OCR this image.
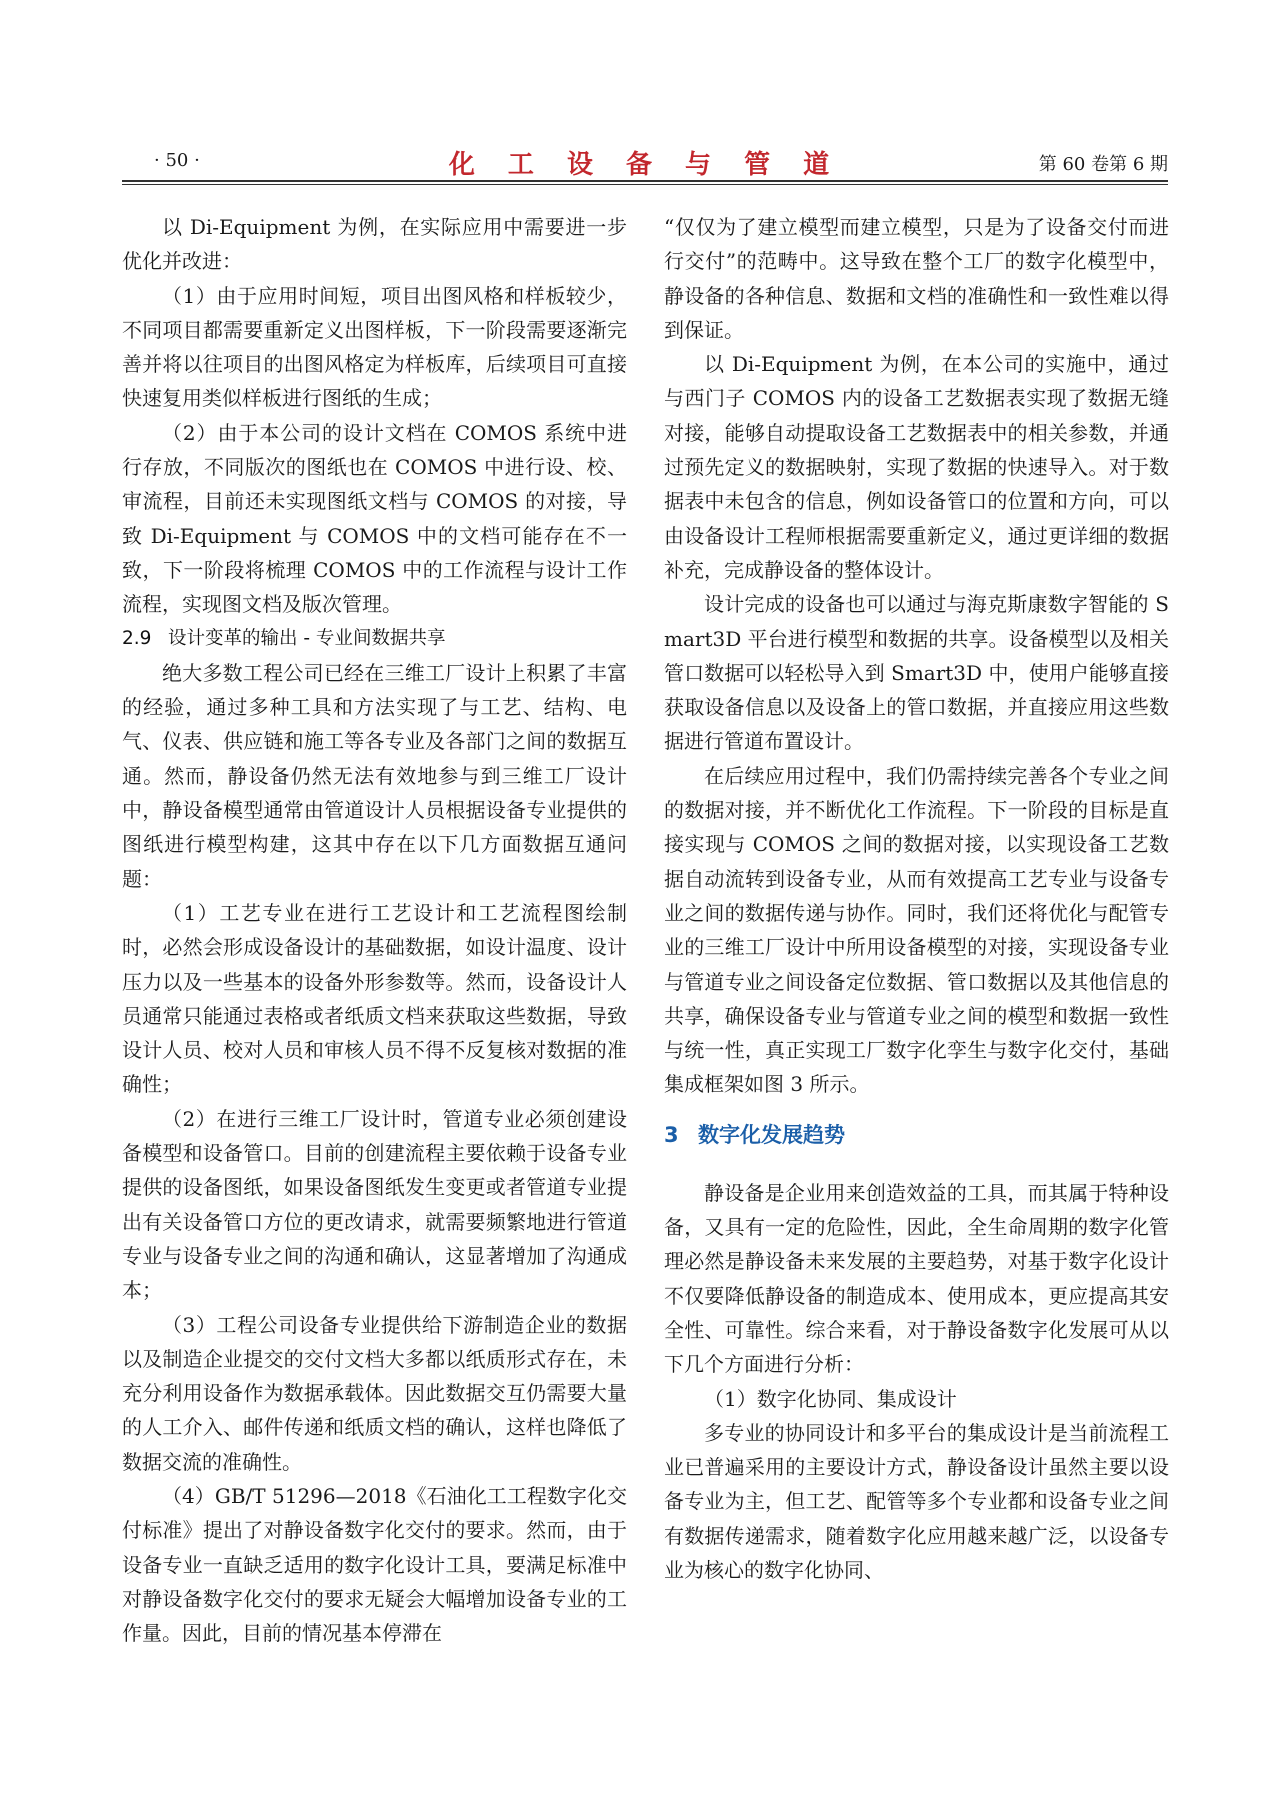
· 50 ·	化 工 设 备 与 管 道	第 60 卷第 6 期

以 Di-Equipment 为例，在实际应用中需要进一步优化并改进：

（1）由于应用时间短，项目出图风格和样板较少，不同项目都需要重新定义出图样板，下一阶段需要逐渐完善并将以往项目的出图风格定为样板库，后续项目可直接快速复用类似样板进行图纸的生成；

（2）由于本公司的设计文档在 COMOS 系统中进行存放，不同版次的图纸也在 COMOS 中进行设、校、审流程，目前还未实现图纸文档与 COMOS 的对接，导致 Di-Equipment 与 COMOS 中的文档可能存在不一致，下一阶段将梳理 COMOS 中的工作流程与设计工作流程，实现图文档及版次管理。

2.9 设计变革的输出 - 专业间数据共享

绝大多数工程公司已经在三维工厂设计上积累了丰富的经验，通过多种工具和方法实现了与工艺、结构、电气、仪表、供应链和施工等各专业及各部门之间的数据互通。然而，静设备仍然无法有效地参与到三维工厂设计中，静设备模型通常由管道设计人员根据设备专业提供的图纸进行模型构建，这其中存在以下几方面数据互通问题：

（1）工艺专业在进行工艺设计和工艺流程图绘制时，必然会形成设备设计的基础数据，如设计温度、设计压力以及一些基本的设备外形参数等。然而，设备设计人员通常只能通过表格或者纸质文档来获取这些数据，导致设计人员、校对人员和审核人员不得不反复核对数据的准确性；

（2）在进行三维工厂设计时，管道专业必须创建设备模型和设备管口。目前的创建流程主要依赖于设备专业提供的设备图纸，如果设备图纸发生变更或者管道专业提出有关设备管口方位的更改请求，就需要频繁地进行管道专业与设备专业之间的沟通和确认，这显著增加了沟通成本；

（3）工程公司设备专业提供给下游制造企业的数据以及制造企业提交的交付文档大多都以纸质形式存在，未充分利用设备作为数据承载体。因此数据交互仍需要大量的人工介入、邮件传递和纸质文档的确认，这样也降低了数据交流的准确性。

（4）GB/T 51296—2018《石油化工工程数字化交付标准》提出了对静设备数字化交付的要求。然而，由于设备专业一直缺乏适用的数字化设计工具，要满足标准中对静设备数字化交付的要求无疑会大幅增加设备专业的工作量。因此，目前的情况基本停滞在

“仅仅为了建立模型而建立模型，只是为了设备交付而进行交付”的范畴中。这导致在整个工厂的数字化模型中，静设备的各种信息、数据和文档的准确性和一致性难以得到保证。

以 Di-Equipment 为例，在本公司的实施中，通过与西门子 COMOS 内的设备工艺数据表实现了数据无缝对接，能够自动提取设备工艺数据表中的相关参数，并通过预先定义的数据映射，实现了数据的快速导入。对于数据表中未包含的信息，例如设备管口的位置和方向，可以由设备设计工程师根据需要重新定义，通过更详细的数据补充，完成静设备的整体设计。

设计完成的设备也可以通过与海克斯康数字智能的 Smart3D 平台进行模型和数据的共享。设备模型以及相关管口数据可以轻松导入到 Smart3D 中，使用户能够直接获取设备信息以及设备上的管口数据，并直接应用这些数据进行管道布置设计。

在后续应用过程中，我们仍需持续完善各个专业之间的数据对接，并不断优化工作流程。下一阶段的目标是直接实现与 COMOS 之间的数据对接，以实现设备工艺数据自动流转到设备专业，从而有效提高工艺专业与设备专业之间的数据传递与协作。同时，我们还将优化与配管专业的三维工厂设计中所用设备模型的对接，实现设备专业与管道专业之间设备定位数据、管口数据以及其他信息的共享，确保设备专业与管道专业之间的模型和数据一致性与统一性，真正实现工厂数字化孪生与数字化交付，基础集成框架如图 3 所示。

3 数字化发展趋势

静设备是企业用来创造效益的工具，而其属于特种设备，又具有一定的危险性，因此，全生命周期的数字化管理必然是静设备未来发展的主要趋势，对基于数字化设计不仅要降低静设备的制造成本、使用成本，更应提高其安全性、可靠性。综合来看，对于静设备数字化发展可从以下几个方面进行分析：

（1）数字化协同、集成设计

多专业的协同设计和多平台的集成设计是当前流程工业已普遍采用的主要设计方式，静设备设计虽然主要以设备专业为主，但工艺、配管等多个专业都和设备专业之间有数据传递需求，随着数字化应用越来越广泛，以设备专业为核心的数字化协同、
